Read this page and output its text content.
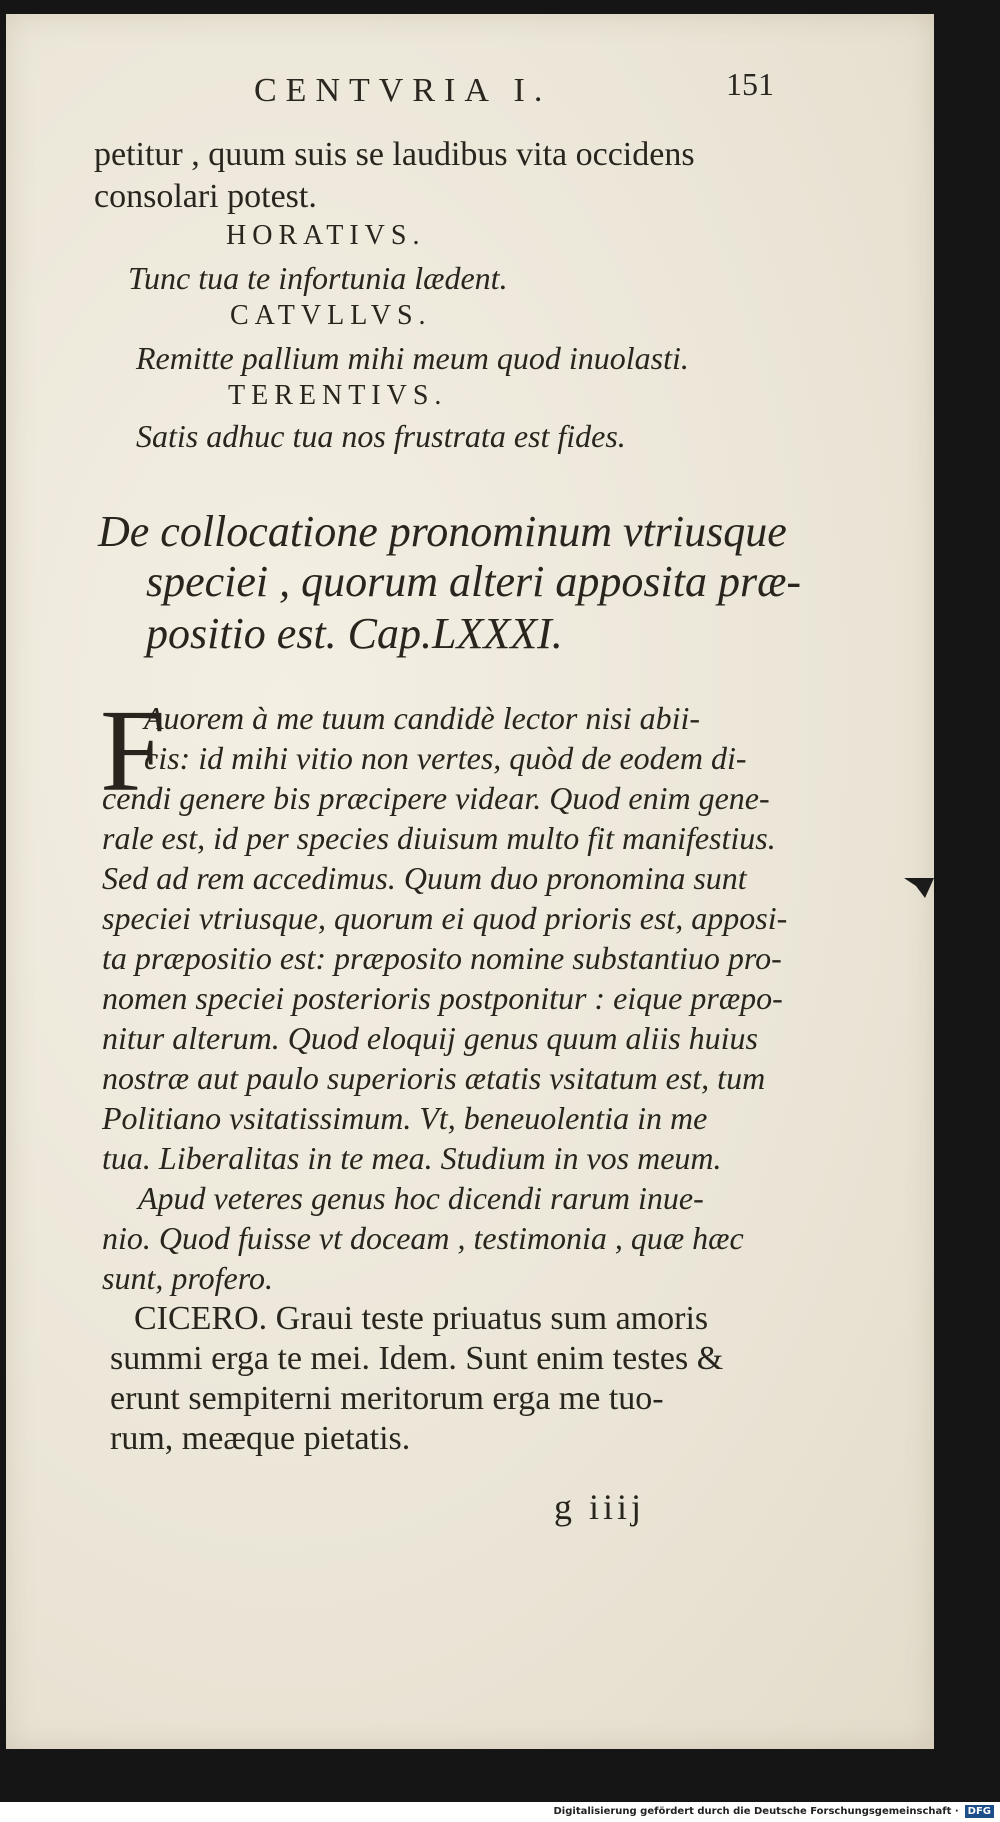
CENTVRIA I.	151
F
petitur , quum suis se laudibus vita occidens
consolari potest.
HORATIVS.
Tunc tua te infortunia lædent.
CATVLLVS.
Remitte pallium mihi meum quod inuolasti.
TERENTIVS.
Satis adhuc tua nos frustrata est fides.
De collocatione pronominum vtriusque
speciei , quorum alteri apposita præ-
positio est. Cap.LXXXI.
Auorem à me tuum candidè lector nisi abii-
cis: id mihi vitio non vertes, quòd de eodem di-
cendi genere bis præcipere videar. Quod enim gene-
rale est, id per species diuisum multo fit manifestius.
Sed ad rem accedimus. Quum duo pronomina sunt
speciei vtriusque, quorum ei quod prioris est, apposi-
ta præpositio est: præposito nomine substantiuo pro-
nomen speciei posterioris postponitur : eique præpo-
nitur alterum. Quod eloquij genus quum aliis huius
nostræ aut paulo superioris ætatis vsitatum est, tum
Politiano vsitatissimum. Vt, beneuolentia in me
tua. Liberalitas in te mea. Studium in vos meum.
Apud veteres genus hoc dicendi rarum inue-
nio. Quod fuisse vt doceam , testimonia , quæ hæc
sunt, profero.
CICERO. Graui teste priuatus sum amoris
summi erga te mei. Idem. Sunt enim testes &
erunt sempiterni meritorum erga me tuo-
rum, meæque pietatis.
g iiij
Digitalisierung gefördert durch die Deutsche Forschungsgemeinschaft · DFG
